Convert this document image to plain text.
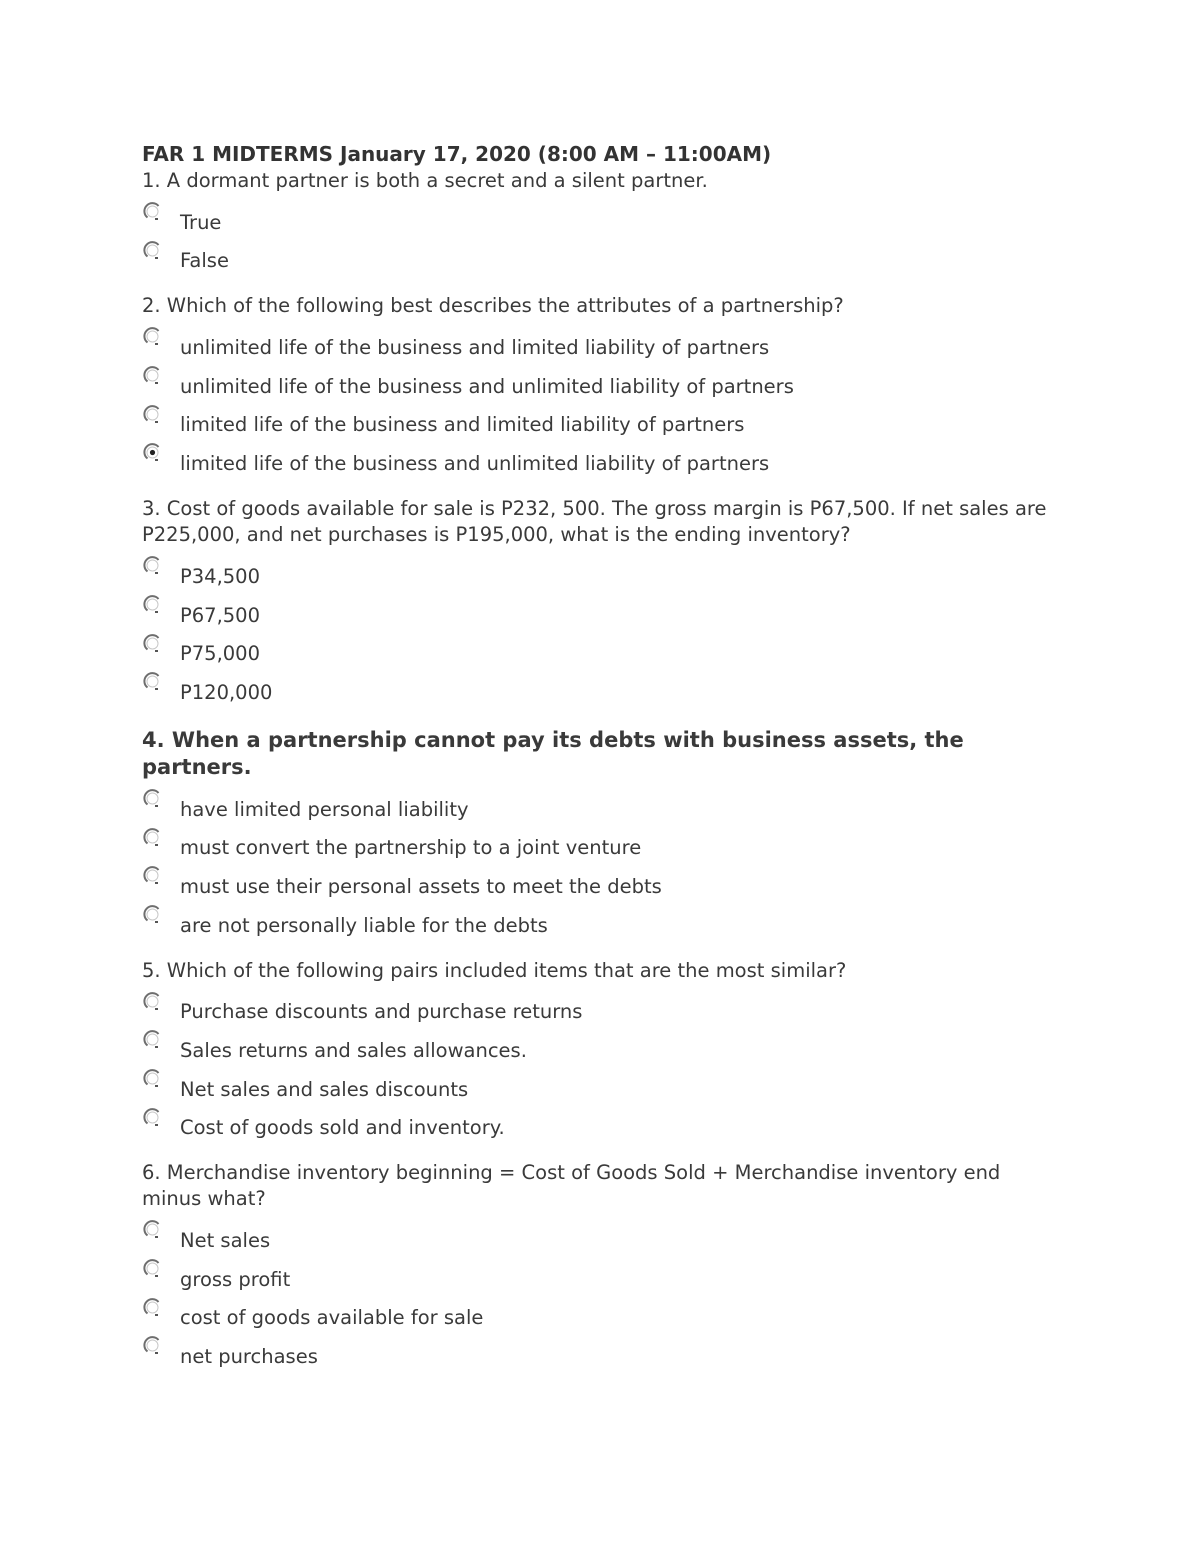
FAR 1 MIDTERMS January 17, 2020 (8:00 AM – 11:00AM)

1. A dormant partner is both a secret and a silent partner.

True
False

2. Which of the following best describes the attributes of a partnership?

unlimited life of the business and limited liability of partners
unlimited life of the business and unlimited liability of partners
limited life of the business and limited liability of partners
limited life of the business and unlimited liability of partners

3. Cost of goods available for sale is P232, 500. The gross margin is P67,500. If net sales are P225,000, and net purchases is P195,000, what is the ending inventory?

P34,500
P67,500
P75,000
P120,000

4. When a partnership cannot pay its debts with business assets, the partners.

have limited personal liability
must convert the partnership to a joint venture
must use their personal assets to meet the debts
are not personally liable for the debts

5. Which of the following pairs included items that are the most similar?

Purchase discounts and purchase returns
Sales returns and sales allowances.
Net sales and sales discounts
Cost of goods sold and inventory.

6. Merchandise inventory beginning = Cost of Goods Sold + Merchandise inventory end minus what?

Net sales
gross profit
cost of goods available for sale
net purchases
